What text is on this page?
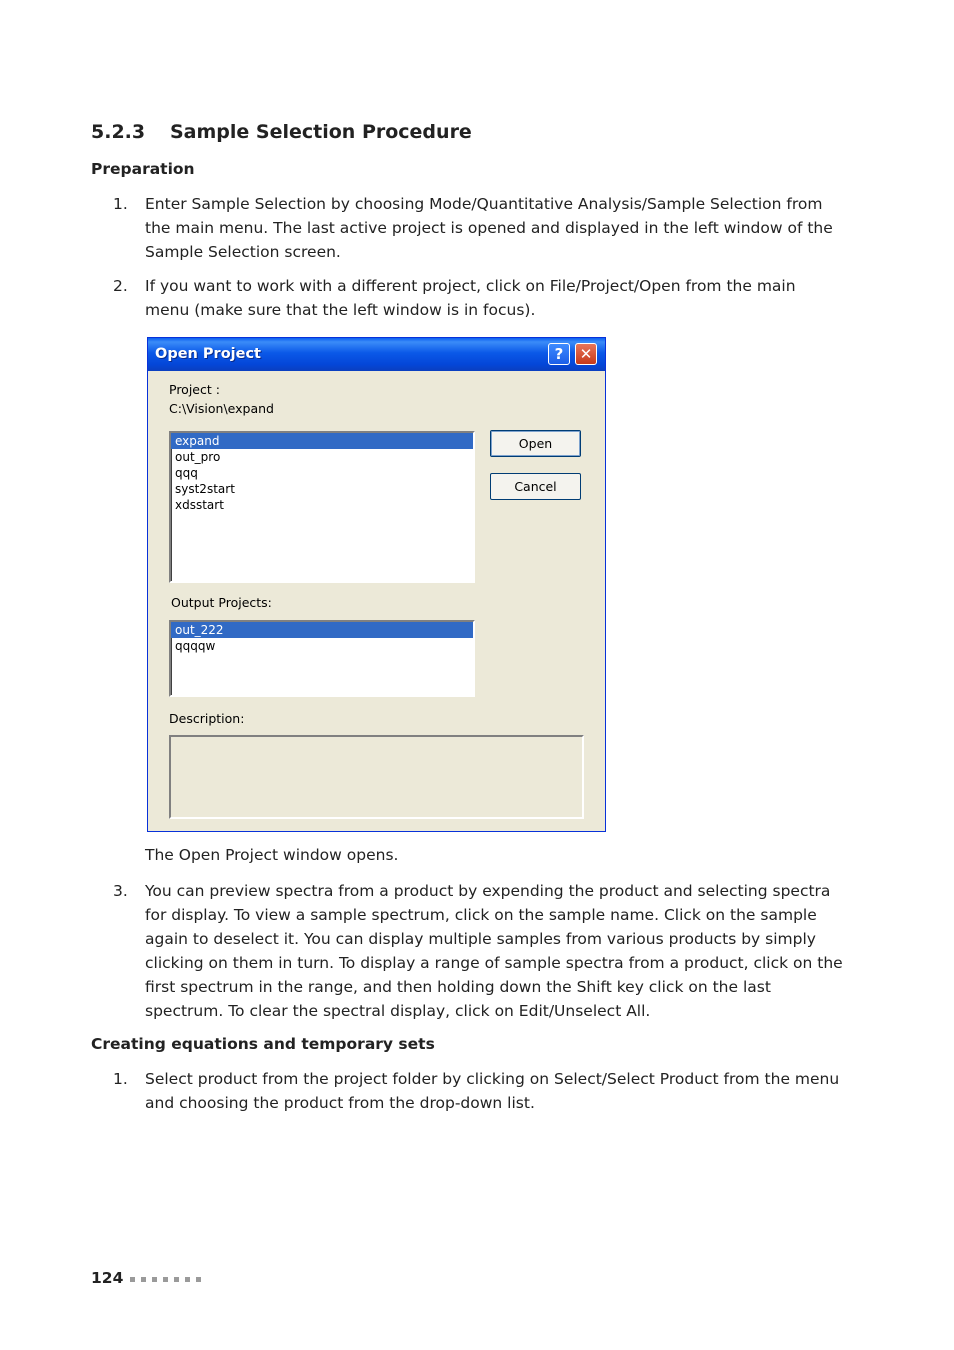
5.2.3 Sample Selection Procedure
Preparation
1. Enter Sample Selection by choosing Mode/Quantitative Analysis/Sample Selection from the main menu. The last active project is opened and displayed in the left window of the Sample Selection screen.
2. If you want to work with a different project, click on File/Project/Open from the main menu (make sure that the left window is in focus).
Open Project	?	✕
Project :
C:\Vision\expand
expand
out_pro
qqq
syst2start
xdsstart
Open
Cancel
Output Projects:
out_222
qqqqw
Description:
The Open Project window opens.
3. You can preview spectra from a product by expending the product and selecting spectra for display. To view a sample spectrum, click on the sample name. Click on the sample again to deselect it. You can display multiple samples from various products by simply clicking on them in turn. To display a range of sample spectra from a product, click on the first spectrum in the range, and then holding down the Shift key click on the last spectrum. To clear the spectral display, click on Edit/Unselect All.
Creating equations and temporary sets
1. Select product from the project folder by clicking on Select/Select Product from the menu and choosing the product from the drop-down list.
124
